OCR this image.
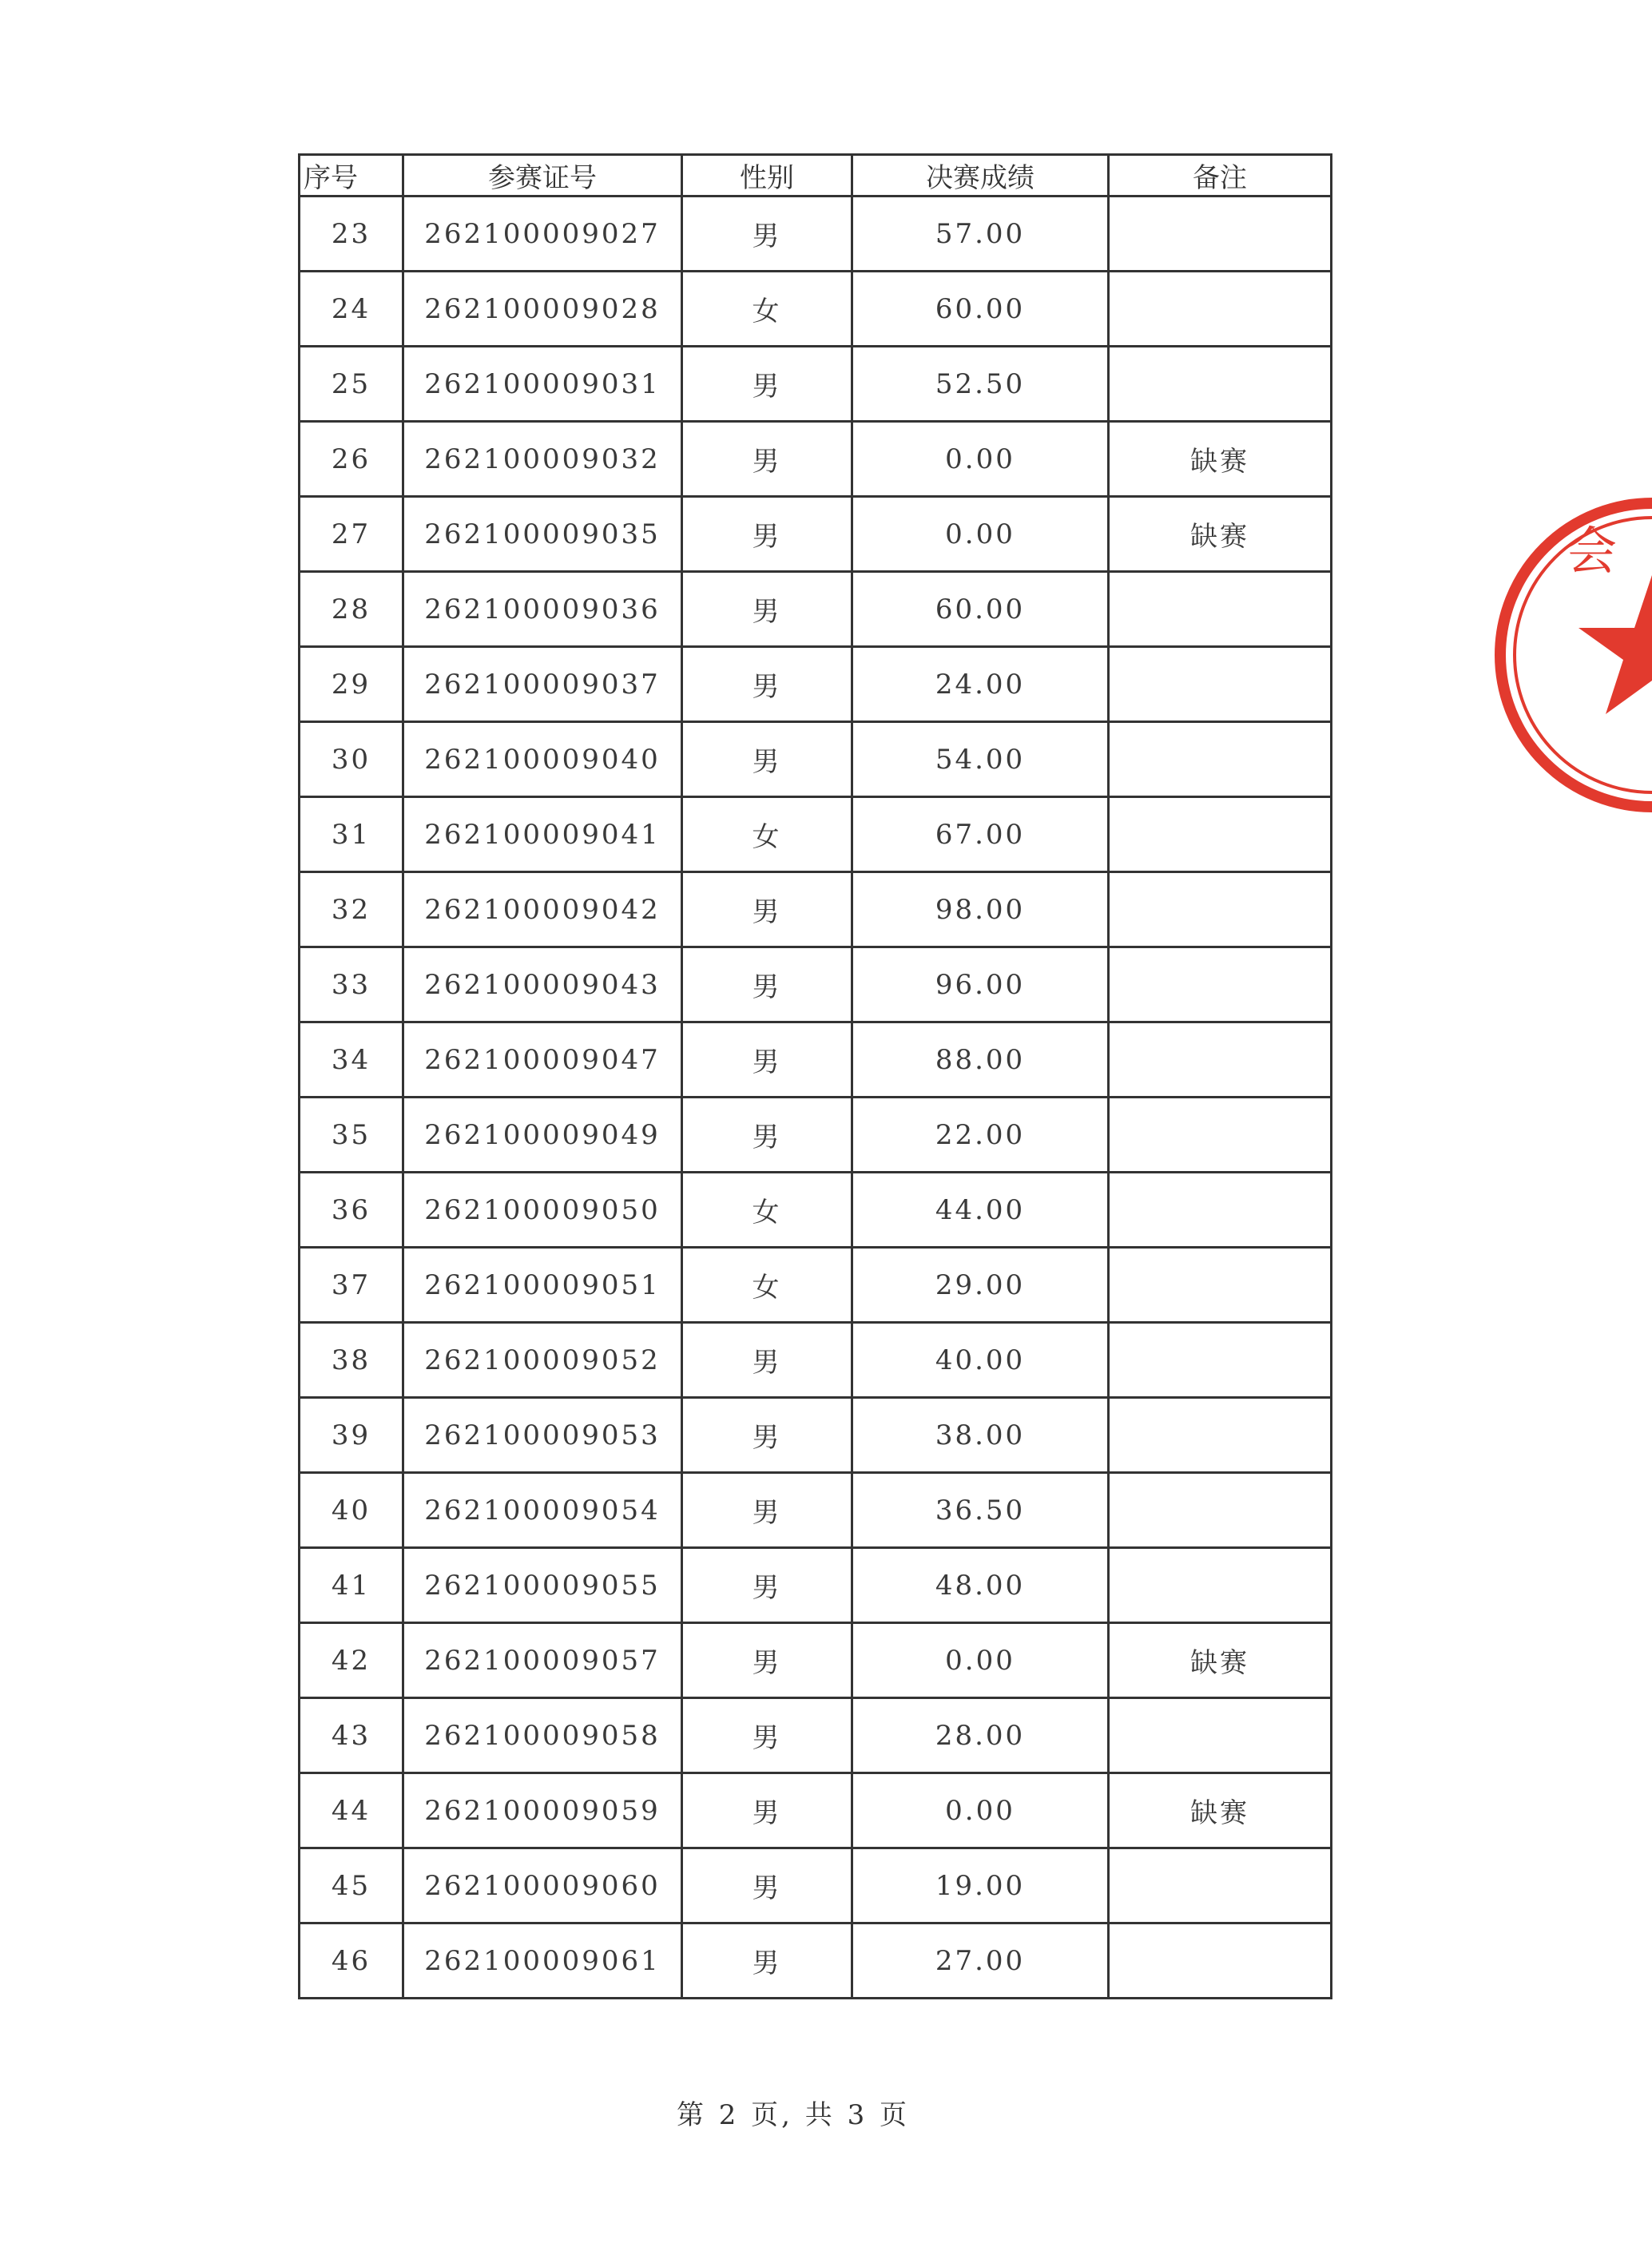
序号	参赛证号	性别	决赛成绩	备注
23	262100009027	男	57.00	
24	262100009028	女	60.00	
25	262100009031	男	52.50	
26	262100009032	男	0.00	缺赛
27	262100009035	男	0.00	缺赛
28	262100009036	男	60.00	
29	262100009037	男	24.00	
30	262100009040	男	54.00	
31	262100009041	女	67.00	
32	262100009042	男	98.00	
33	262100009043	男	96.00	
34	262100009047	男	88.00	
35	262100009049	男	22.00	
36	262100009050	女	44.00	
37	262100009051	女	29.00	
38	262100009052	男	40.00	
39	262100009053	男	38.00	
40	262100009054	男	36.50	
41	262100009055	男	48.00	
42	262100009057	男	0.00	缺赛
43	262100009058	男	28.00	
44	262100009059	男	0.00	缺赛
45	262100009060	男	19.00	
46	262100009061	男	27.00	
第 2 页, 共 3 页
会
